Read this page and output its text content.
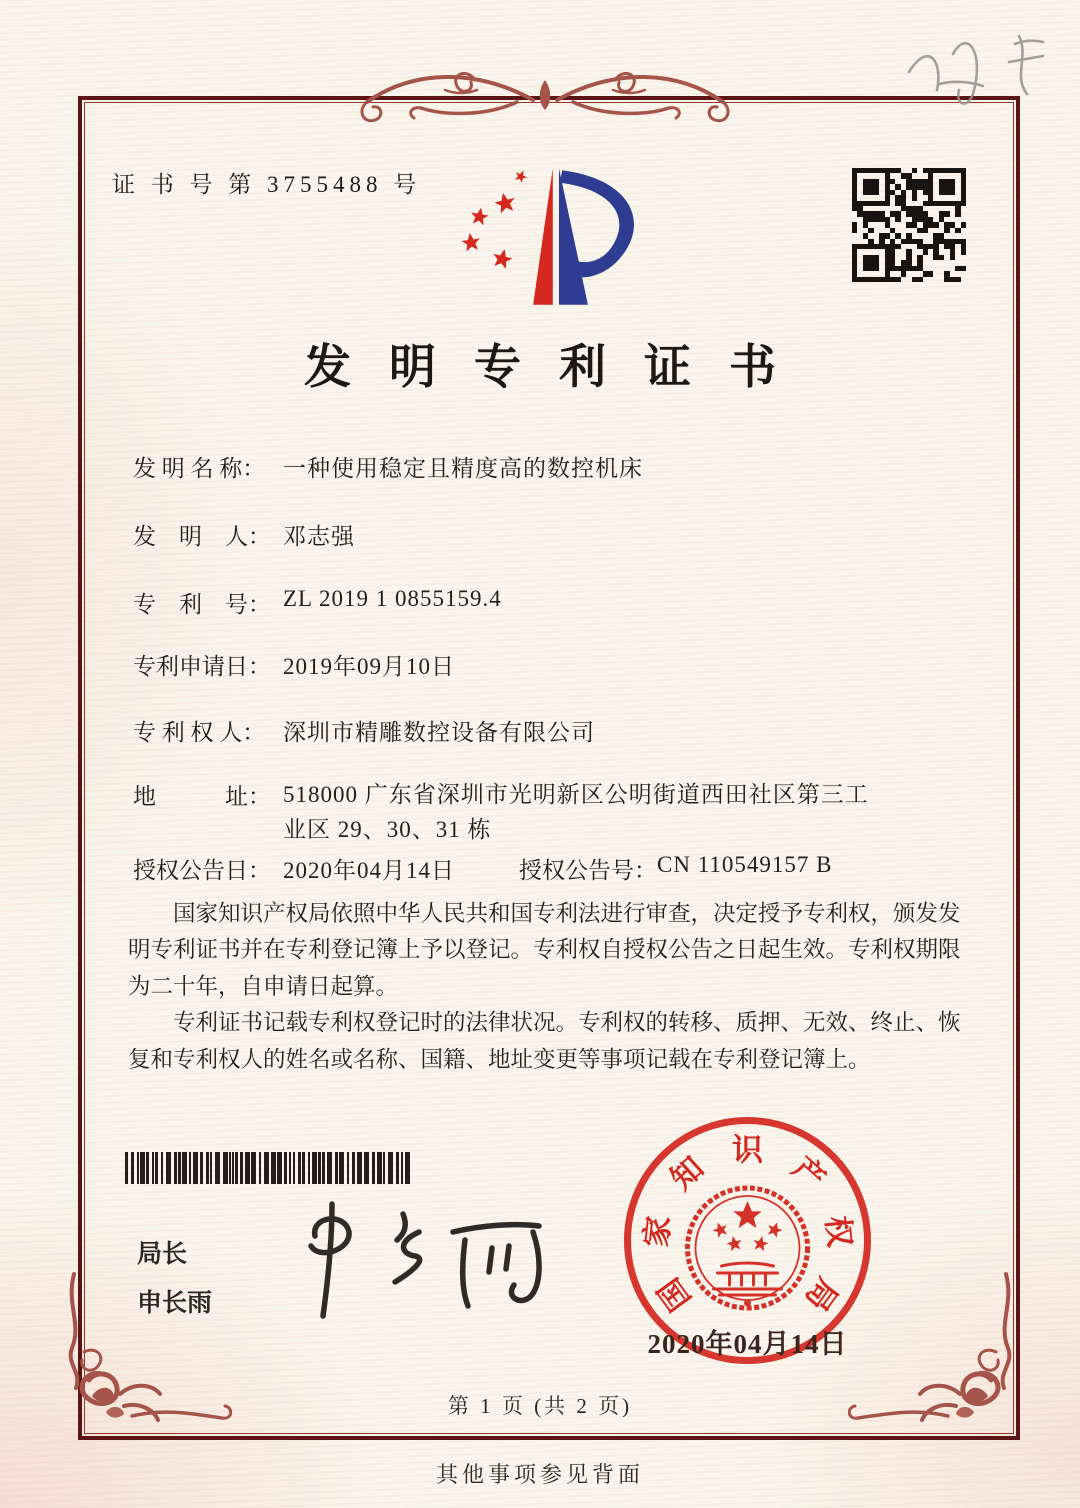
证 书 号 第 3755488 号
发明专利证书
发 明 名 称： 一种使用稳定且精度高的数控机床
发　明　人： 邓志强
专　利　号： ZL 2019 1 0855159.4
专利申请日： 2019年09月10日
专 利 权 人： 深圳市精雕数控设备有限公司
地　　　址： 518000 广东省深圳市光明新区公明街道西田社区第三工业区 29、30、31 栋
授权公告日： 2020年04月14日	授权公告号：CN 110549157 B

国家知识产权局依照中华人民共和国专利法进行审查，决定授予专利权，颁发发明专利证书并在专利登记簿上予以登记。专利权自授权公告之日起生效。专利权期限为二十年，自申请日起算。

专利证书记载专利权登记时的法律状况。专利权的转移、质押、无效、终止、恢复和专利权人的姓名或名称、国籍、地址变更等事项记载在专利登记簿上。

局长
申长雨	国
家
知 识 产
权
局
2020年04月14日
第 1 页 (共 2 页)
其他事项参见背面
